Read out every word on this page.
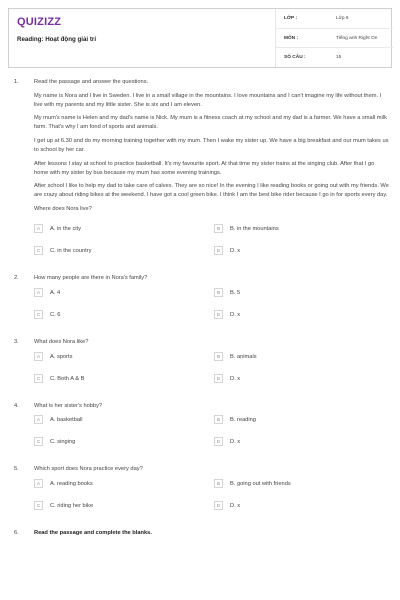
QUIZIZZ
Reading: Hoạt động giải trí
LỚP :	Lớp 6
MÔN :	Tiếng anh Right On
SỐ CÂU :	15
1.	Read the passage and answer the questions.

My name is Nora and I live in Sweden. I live in a small village in the mountains. I love mountains and I can't imagine my life without them. I live with my parents and my little sister. She is six and I am eleven.

My mum's name is Helen and my dad's name is Nick. My mum is a fitness coach at my school and my dad is a farmer. We have a small milk farm. That's why I am fond of sports and animals.

I get up at 6.30 and do my morning training together with my mum. Then I wake my sister up. We have a big breakfast and our mum takes us to school by her car.

After lessons I stay at school to practice basketball. It's my favourite sport. At that time my sister trains at the singing club. After that I go home with my sister by bus because my mum has some evening trainings.

After school I like to help my dad to take care of calves. They are so nice! In the evening I like reading books or going out with my friends. We are crazy about riding bikes at the weekend. I have got a cool green bike. I think I am the best bike rider because I go in for sports every day.

Where does Nora live?

A	A. in the city	B	B. in the mountains
C	C. in the country	D	D. x
2.	How many people are there in Nora's family?

A	A. 4	B	B. 5
C	C. 6	D	D. x
3.	What does Nora like?

A	A. sports	B	B. animals
C	C. Both A & B	D	D. x
4.	What is her sister's hobby?

A	A. basketball	B	B. reading
C	C. singing	D	D. x
5.	Which sport does Nora practice every day?

A	A. reading books	B	B. going out with friends
C	C. riding her bike	D	D. x
6.	Read the passage and complete the blanks.
